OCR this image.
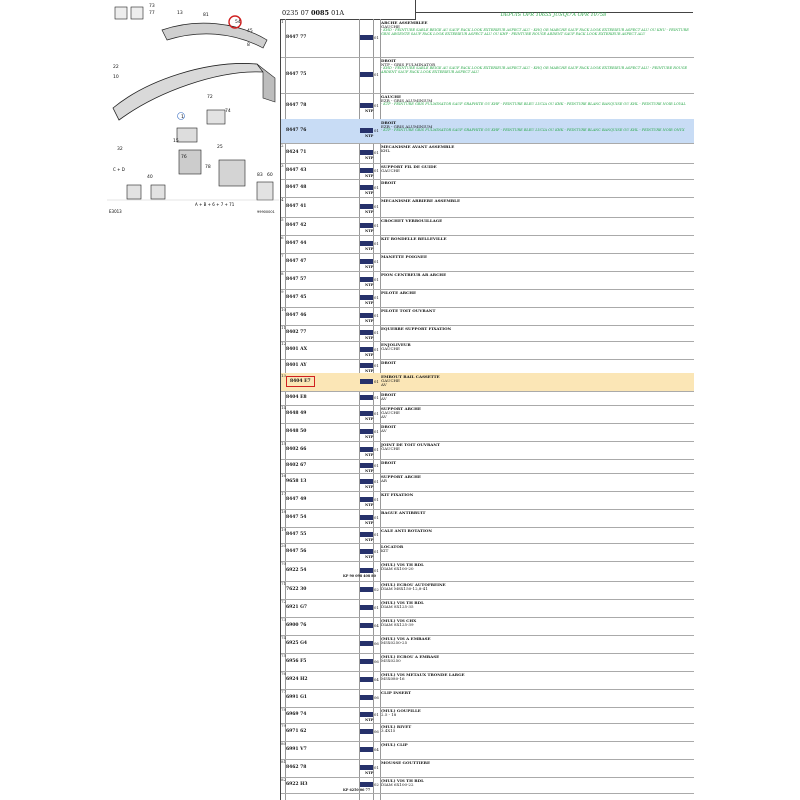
73
77	13	81
54
45
8
22
10
72
15
74
76
78
1
83
25
32
40	60
E3013	99900001
C + D
A + B + 6 + 7 + 71
0235 07 0085 01A	DEPUIS OPR 10655 JUSQU'A OPR 10758
1
8447 77	01
ARCHE ASSEMBLEE
GAUCHE
- KHD - PEINTURE SABLE BEIGE AU SAUF PACK LOOK EXTERIEUR ASPECT ALU - KHQ OR MARCHE SAUF PACK LOOK EXTERIEUR ASPECT ALU OU KHU - PEINTURE GRIS ARGENTE SAUF PACK LOOK EXTERIEUR ASPECT ALU OU KHP - PEINTURE ROUGE ARDENT SAUF PACK LOOK EXTERIEUR ASPECT ALU
8447 75	01
DROIT
NTP - GRIS FULMINATOR
- KHD - PEINTURE SABLE BEIGE AU SAUF PACK LOOK EXTERIEUR ASPECT ALU - KHQ OR MARCHE SAUF PACK LOOK EXTERIEUR ASPECT ALU - PEINTURE ROUGE ARDENT SAUF PACK LOOK EXTERIEUR ASPECT ALU
8447 78	01
NTP
GAUCHE
EZR - GRIS ALUMINIUM
- KTP - PEINTURE GRIS FULMINATOR SAUF GRAPHITE OU KHF - PEINTURE BLEU LUCIA OU KHK - PEINTURE BLANC BANQUISE OU KHL - PEINTURE NOIR LOYAL
8447 76	01
NTP
DROIT
EZR - GRIS ALUMINIUM
- KTP - PEINTURE GRIS FULMINATOR SAUF GRAPHITE OU KHF - PEINTURE BLEU LUCIA OU KHK - PEINTURE BLANC BANQUISE OU KHL - PEINTURE NOIR ONYX
2
8424 71	01
NTP
MECANISME AVANT ASSEMBLE
KHL
3
8447 43	01
NTP
SUPPORT FIL DE GUIDE
GAUCHE
8447 48	01
NTP
DROIT
4
8447 41	01
NTP
MECANISME ARRIERE ASSEMBLE
5
8447 42	01
NTP
CROCHET VERROUILLAGE
6
8447 44	01
NTP
KIT RONDELLE BELLEVILLE
7
8447 47	01
NTP
MANETTE POIGNEE
8
8447 57	01
NTP
PION CENTREUR AR ARCHE
9
8447 45	01
NTP
PILOTE ARCHE
10
8447 46	01
NTP
PILOTE TOIT OUVRANT
11
8402 77	01
NTP
EQUERRE SUPPORT FIXATION
12
8401 AX	01
NTP
ENJOLIVEUR
GAUCHE
8401 AY	01
NTP
DROIT
13
8404 E7	01
EMBOUT RAIL CASSETTE
GAUCHE
AV
8404 E8	01
DROIT
AV
14
8448 49	01
NTP
SUPPORT ARCHE
GAUCHE
AV
8448 50	01
NTP
DROIT
AV
15
8402 66	01
NTP
JOINT DE TOIT OUVRANT
GAUCHE
8402 67	01
NTP
DROIT
16
9658 13	01
NTP
SUPPORT ARCHE
AR
17
8447 49	01
NTP
KIT FIXATION
18
8447 54	01
NTP
BAGUE ANTIBRUIT
19
8447 55	01
NTP
CALE ANTI ROTATION
20
8447 56	01
NTP
LOCATOR
KIT
70
6922 54	01
KP 90 098 408 80
(MUL) VIS TH RDL
DIAM 6X100-20
71
7622 30	02
(MUL) ECROU AUTOFREINE
DIAM M8X150-12,8-41
72
6921 G7	01
(MUL) VIS TH RDL
DIAM 8X125-35
73
6900 76	04
(MUL) VIS CHX
DIAM 8X125-39
74
6925 G4	06
(MUL) VIS A EMBASE
M5X0250-25
75
6956 F5	06
(MUL) ECROU A EMBASE
M5X0250
76
6924 H2	04
(MUL) VIS METAUX TRONDE LARGE
M5X080-16
77
6991 G1	06
CLIP INSERT
78
6969 74	01
NTP
(MUL) GOUPILLE
2.5 - 18
79
6971 62	06
(MUL) RIVET
3.4X15
80
6991 V7	04
(MUL) CLIP
81
8462 78	01
NTP
MOUSSE GOUTTIERE
82
6922 H3	02
KP 6250 06 77
(MUL) VIS TH RDL
DIAM 6X100-22
